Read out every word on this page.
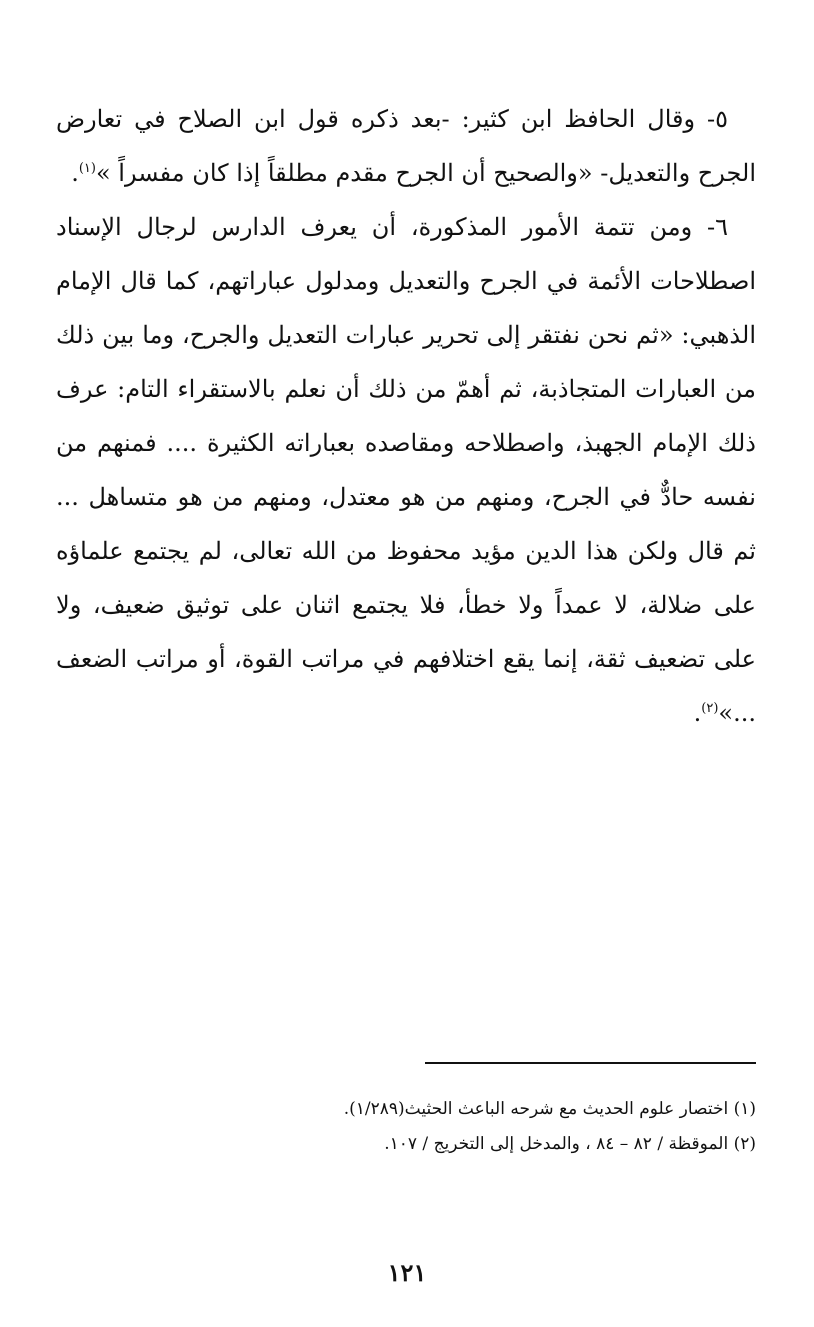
٥- وقال الحافظ ابن كثير: -بعد ذكره قول ابن الصلاح في تعارض الجرح والتعديل- «والصحيح أن الجرح مقدم مطلقاً إذا كان مفسراً »$^{(١)}$.

٦- ومن تتمة الأمور المذكورة، أن يعرف الدارس لرجال الإسناد اصطلاحات الأئمة في الجرح والتعديل ومدلول عباراتهم، كما قال الإمام الذهبي: «ثم نحن نفتقر إلى تحرير عبارات التعديل والجرح، وما بين ذلك من العبارات المتجاذبة، ثم أهمّ من ذلك أن نعلم بالاستقراء التام: عرف ذلك الإمام الجهبذ، واصطلاحه ومقاصده بعباراته الكثيرة .... فمنهم من نفسه حادٌّ في الجرح، ومنهم من هو معتدل، ومنهم من هو متساهل ... ثم قال ولكن هذا الدين مؤيد محفوظ من الله تعالى، لم يجتمع علماؤه على ضلالة، لا عمداً ولا خطأ، فلا يجتمع اثنان على توثيق ضعيف، ولا على تضعيف ثقة، إنما يقع اختلافهم في مراتب القوة، أو مراتب الضعف ...»$^{(٢)}$.

(١) اختصار علوم الحديث مع شرحه الباعث الحثيث(١/٢٨٩).

(٢) الموقظة / ٨٢ – ٨٤ ، والمدخل إلى التخريج / ١٠٧.

١٢١
